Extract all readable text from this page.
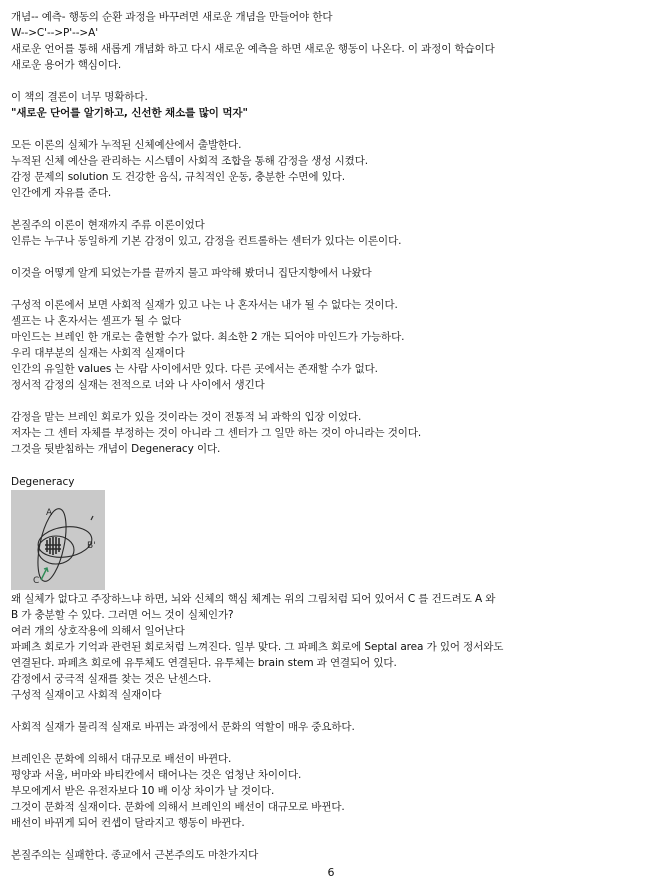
개념-- 예측- 행동의 순환 과정을 바꾸려면 새로운 개념을 만들어야 한다
W-->C'-->P'-->A'
새로운 언어를 통해 새롭게 개념화 하고 다시 새로운 예측을 하면 새로운 행동이 나온다. 이 과정이 학습이다
새로운 용어가 핵심이다.
이 책의 결론이 너무 명확하다.
"새로운 단어를 알기하고, 신선한 채소를 많이 먹자"
모든 이론의 실체가 누적된 신체예산에서 출발한다.
누적된 신체 예산을 관리하는 시스템이 사회적 조합을 통해 감정을 생성 시켰다.
감정 문제의 solution 도 건강한 음식, 규칙적인 운동, 충분한 수면에 있다.
인간에게 자유를 준다.
본질주의 이론이 현재까지 주류 이론이었다
인류는 누구나 동일하게 기본 감정이 있고, 감정을 컨트롤하는 센터가 있다는 이론이다.
이것을 어떻게 알게 되었는가를 끝까지 물고 파악해 봤더니 집단지향에서 나왔다
구성적 이론에서 보면 사회적 실재가 있고 나는 나 혼자서는 내가 될 수 없다는 것이다.
셀프는 나 혼자서는 셀프가 될 수 없다
마인드는 브레인 한 개로는 출현할 수가 없다. 최소한 2 개는 되어야 마인드가 가능하다.
우리 대부분의 실재는 사회적 실재이다
인간의 유일한 values 는 사람 사이에서만 있다. 다른 곳에서는 존재할 수가 없다.
정서적 감정의 실재는 전적으로 너와 나 사이에서 생긴다
감정을 맡는 브레인 회로가 있을 것이라는 것이 전통적 뇌 과학의 입장 이었다.
저자는 그 센터 자체를 부정하는 것이 아니라 그 센터가 그 일만 하는 것이 아니라는 것이다.
그것을 뒷받침하는 개념이 Degeneracy 이다.
Degeneracy
A
B'
C
왜 실체가 없다고 주장하느냐 하면, 뇌와 신체의 핵심 체계는 위의 그림처럼 되어 있어서 C 를 건드려도 A 와
B 가 충분할 수 있다. 그러면 어느 것이 실체인가?
여러 개의 상호작용에 의해서 일어난다
파페츠 회로가 기억과 관련된 회로처럼 느껴진다. 일부 맞다. 그 파페츠 회로에 Septal area 가 있어 정서와도
연결된다. 파페츠 회로에 유투체도 연결된다. 유투체는 brain stem 과 연결되어 있다.
감정에서 궁극적 실재를 찾는 것은 난센스다.
구성적 실재이고 사회적 실재이다
사회적 실재가 물리적 실재로 바뀌는 과정에서 문화의 역할이 매우 중요하다.
브레인은 문화에 의해서 대규모로 배선이 바뀐다.
평양과 서울, 버마와 바티칸에서 태어나는 것은 엄청난 차이이다.
부모에게서 받은 유전자보다 10 배 이상 차이가 날 것이다.
그것이 문화적 실재이다. 문화에 의해서 브레인의 배선이 대규모로 바뀐다.
배선이 바뀌게 되어 컨셉이 달라지고 행동이 바뀐다.
본질주의는 실패한다. 종교에서 근본주의도 마찬가지다
6
